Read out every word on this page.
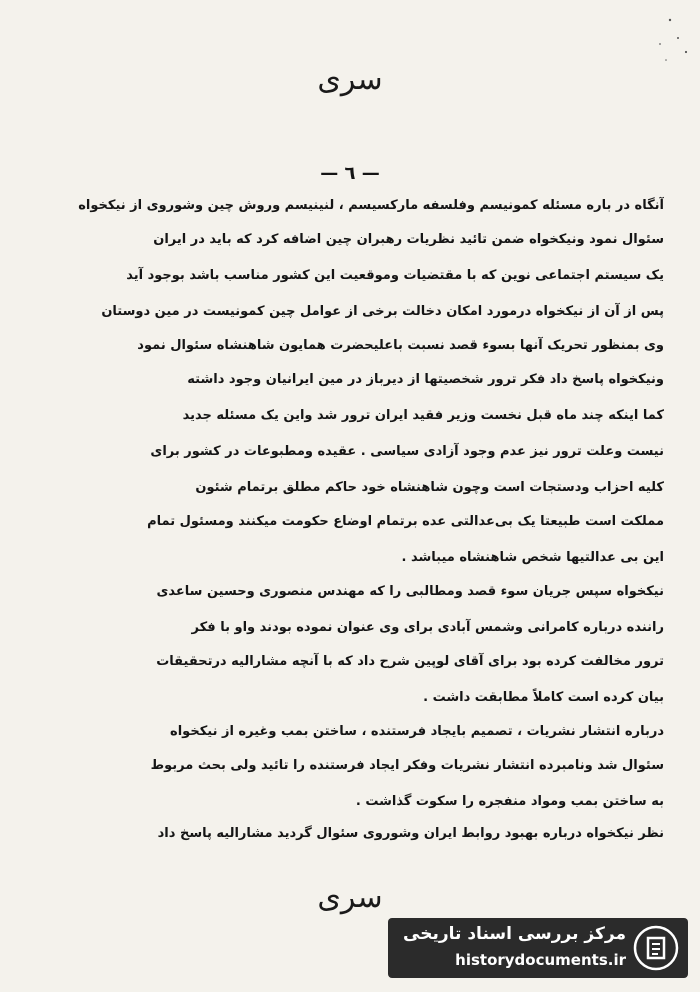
سری
— ٦ —
آنگاه در باره مسئله کمونیسم وفلسفه مارکسیسم ، لنینیسم وروش چین وشوروی از نیکخواه
سئوال نمود ونیکخواه ضمن تائید نظریات رهبران چین اضافه کرد که باید در ایران
یک سیستم اجتماعی نوین که با مقتضیات وموقعیت این کشور مناسب باشد بوجود آید
پس از آن از نیکخواه درمورد امکان دخالت برخی از عوامل چین کمونیست در مین دوستان
وی بمنظور تحریک آنها بسوء قصد نسبت باعلیحضرت همایون شاهنشاه سئوال نمود
ونیکخواه پاسخ داد فکر ترور شخصیتها از دیرباز در مین ایرانیان وجود داشته
کما اینکه چند ماه قبل نخست وزیر فقید ایران ترور شد واین یک مسئله جدید
نیست وعلت ترور نیز عدم وجود آزادی سیاسی . عقیده ومطبوعات در کشور برای
کلیه احزاب ودستجات است وچون شاهنشاه خود حاکم مطلق برتمام شئون
مملکت است طبیعتا یک بی‌عدالتی عده برتمام اوضاع حکومت میکنند ومسئول تمام
این بی عدالتیها شخص شاهنشاه میباشد .
نیکخواه سپس جریان سوء قصد ومطالبی را که مهندس منصوری وحسین ساعدی
راننده درباره کامرانی وشمس آبادی برای وی عنوان نموده بودند واو با فکر
ترور مخالفت کرده بود برای آقای لوپین شرح داد که با آنچه مشارالیه درتحقیقات
بیان کرده است کاملاً مطابقت داشت .
درباره انتشار نشریات ، تصمیم بایجاد فرستنده ، ساختن بمب وغیره از نیکخواه
سئوال شد ونامبرده انتشار نشریات وفکر ایجاد فرستنده را تائید ولی بحث مربوط
به ساختن بمب ومواد منفجره را سکوت گذاشت .
نظر نیکخواه درباره بهبود روابط ایران وشوروی سئوال گردید مشارالیه پاسخ داد
سری
مرکز بررسی اسناد تاریخی
historydocuments.ir
